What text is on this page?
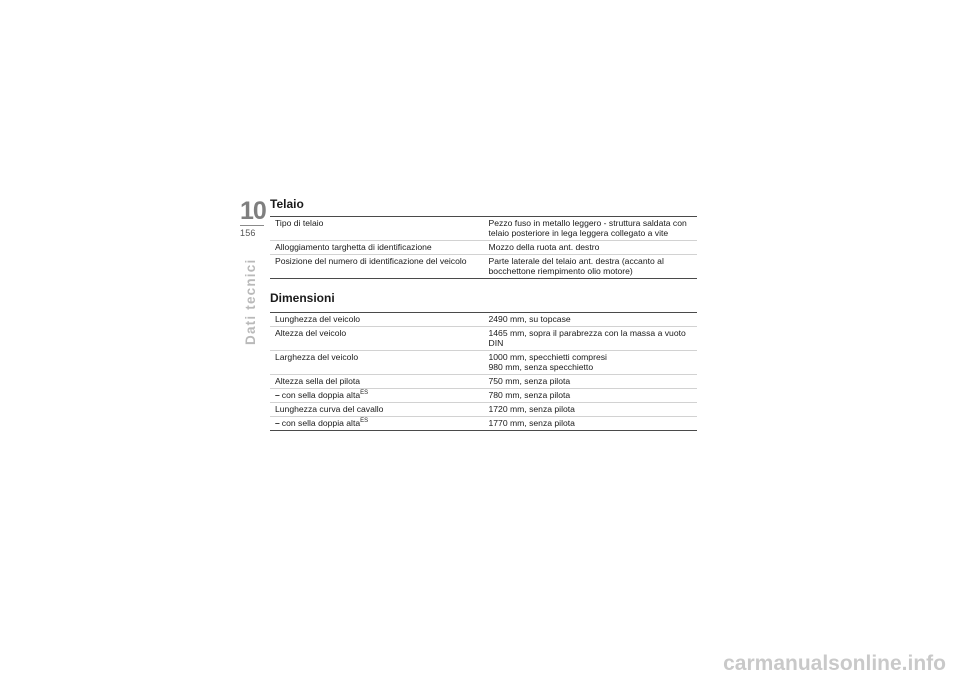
10
156
Dati tecnici
Telaio
Tipo di telaio	Pezzo fuso in metallo leggero - struttura saldata con telaio posteriore in lega leggera collegato a vite
Alloggiamento targhetta di identificazione	Mozzo della ruota ant. destro
Posizione del numero di identificazione del veicolo	Parte laterale del telaio ant. destra (accanto al bocchettone riempimento olio motore)
Dimensioni
Lunghezza del veicolo	2490 mm, su topcase
Altezza del veicolo	1465 mm, sopra il parabrezza con la massa a vuoto DIN
Larghezza del veicolo	1000 mm, specchietti compresi
980 mm, senza specchietto

Altezza sella del pilota	750 mm, senza pilota
– con sella doppia alta$^{ES}$	780 mm, senza pilota
Lunghezza curva del cavallo	1720 mm, senza pilota
– con sella doppia alta$^{ES}$	1770 mm, senza pilota
carmanualsonline.info
